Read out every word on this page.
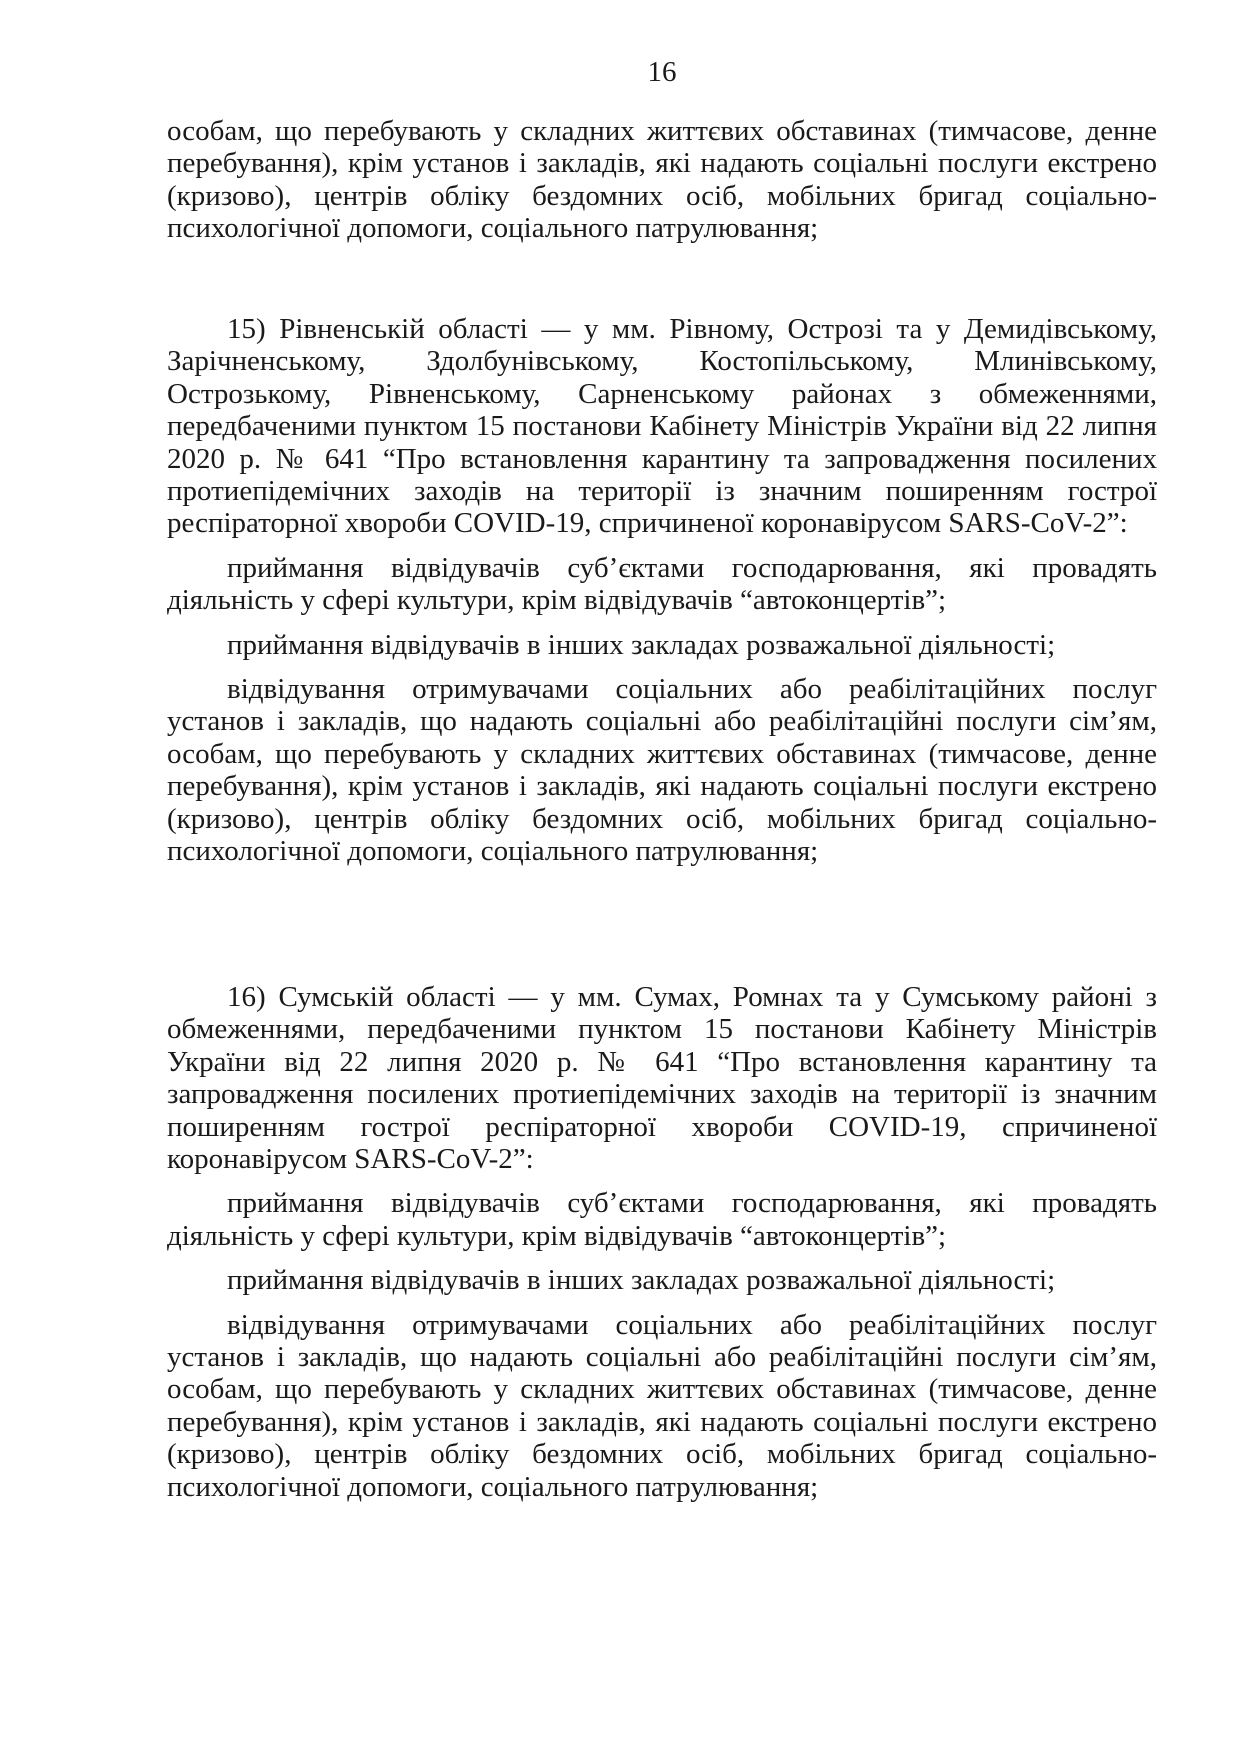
16

особам, що перебувають у складних життєвих обставинах (тимчасове, денне перебування), крім установ і закладів, які надають соціальні послуги екстрено (кризово), центрів обліку бездомних осіб, мобільних бригад соціально-психологічної допомоги, соціального патрулювання;

15) Рівненській області — у мм. Рівному, Острозі та у Демидівському, Зарічненському, Здолбунівському, Костопільському, Млинівському, Острозькому, Рівненському, Сарненському районах з обмеженнями, передбаченими пунктом 15 постанови Кабінету Міністрів України від 22 липня 2020 р. № 641 “Про встановлення карантину та запровадження посилених протиепідемічних заходів на території із значним поширенням гострої респіраторної хвороби COVID-19, спричиненої коронавірусом SARS-CoV-2”:

приймання відвідувачів суб’єктами господарювання, які провадять діяльність у сфері культури, крім відвідувачів “автоконцертів”;

приймання відвідувачів в інших закладах розважальної діяльності;

відвідування отримувачами соціальних або реабілітаційних послуг установ і закладів, що надають соціальні або реабілітаційні послуги сім’ям, особам, що перебувають у складних життєвих обставинах (тимчасове, денне перебування), крім установ і закладів, які надають соціальні послуги екстрено (кризово), центрів обліку бездомних осіб, мобільних бригад соціально-психологічної допомоги, соціального патрулювання;

16) Сумській області — у мм. Сумах, Ромнах та у Сумському районі з обмеженнями, передбаченими пунктом 15 постанови Кабінету Міністрів України від 22 липня 2020 р. № 641 “Про встановлення карантину та запровадження посилених протиепідемічних заходів на території із значним поширенням гострої респіраторної хвороби COVID-19, спричиненої коронавірусом SARS-CoV-2”:

приймання відвідувачів суб’єктами господарювання, які провадять діяльність у сфері культури, крім відвідувачів “автоконцертів”;

приймання відвідувачів в інших закладах розважальної діяльності;

відвідування отримувачами соціальних або реабілітаційних послуг установ і закладів, що надають соціальні або реабілітаційні послуги сім’ям, особам, що перебувають у складних життєвих обставинах (тимчасове, денне перебування), крім установ і закладів, які надають соціальні послуги екстрено (кризово), центрів обліку бездомних осіб, мобільних бригад соціально-психологічної допомоги, соціального патрулювання;
